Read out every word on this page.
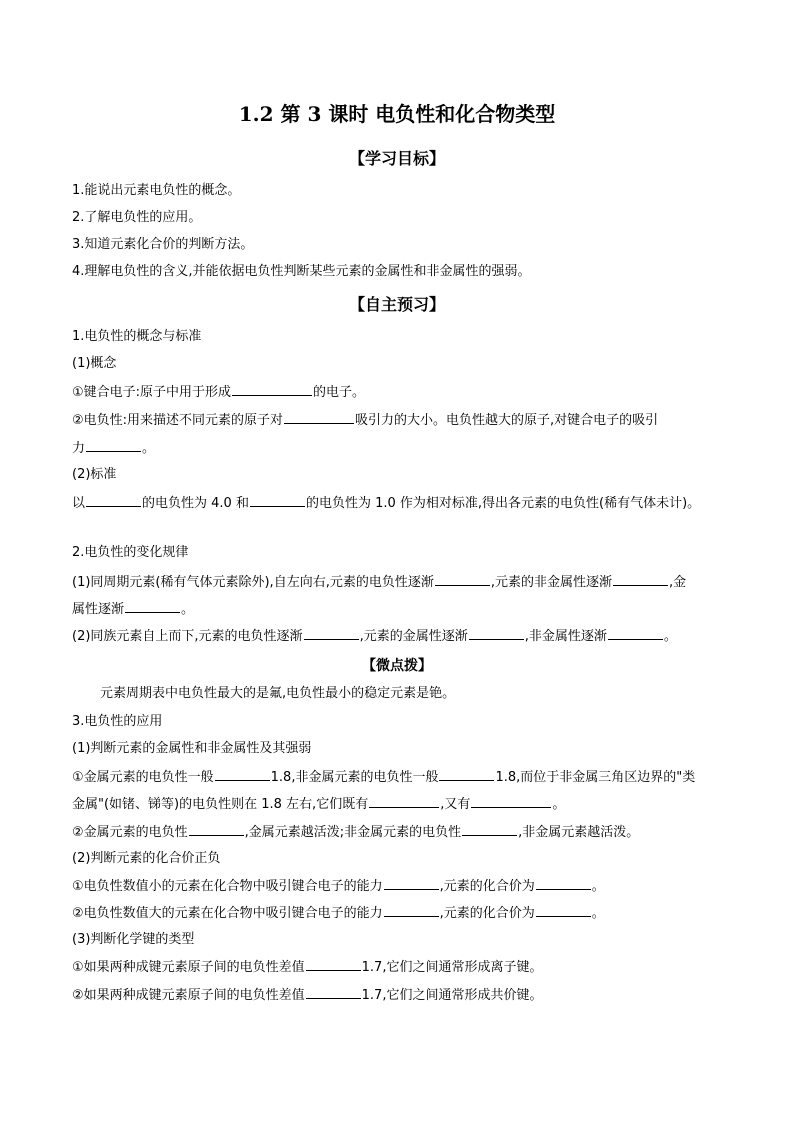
1.2 第 3 课时 电负性和化合物类型
【学习目标】
1.能说出元素电负性的概念。
2.了解电负性的应用。
3.知道元素化合价的判断方法。
4.理解电负性的含义,并能依据电负性判断某些元素的金属性和非金属性的强弱。
【自主预习】
1.电负性的概念与标准
(1)概念
①键合电子:原子中用于形成	的电子。
②电负性:用来描述不同元素的原子对	吸引力的大小。电负性越大的原子,对键合电子的吸引
力	。
(2)标准
以	的电负性为 4.0 和	的电负性为 1.0 作为相对标准,得出各元素的电负性(稀有气体未计)。
2.电负性的变化规律
(1)同周期元素(稀有气体元素除外),自左向右,元素的电负性逐渐	,元素的非金属性逐渐	,金
属性逐渐	。
(2)同族元素自上而下,元素的电负性逐渐	,元素的金属性逐渐	,非金属性逐渐	。
【微点拨】
元素周期表中电负性最大的是氟,电负性最小的稳定元素是铯。
3.电负性的应用
(1)判断元素的金属性和非金属性及其强弱
①金属元素的电负性一般	1.8,非金属元素的电负性一般	1.8,而位于非金属三角区边界的"类
金属"(如锗、锑等)的电负性则在 1.8 左右,它们既有	,又有	。
②金属元素的电负性	,金属元素越活泼;非金属元素的电负性	,非金属元素越活泼。
(2)判断元素的化合价正负
①电负性数值小的元素在化合物中吸引键合电子的能力	,元素的化合价为	。
②电负性数值大的元素在化合物中吸引键合电子的能力	,元素的化合价为	。
(3)判断化学键的类型
①如果两种成键元素原子间的电负性差值	1.7,它们之间通常形成离子键。
②如果两种成键元素原子间的电负性差值	1.7,它们之间通常形成共价键。
